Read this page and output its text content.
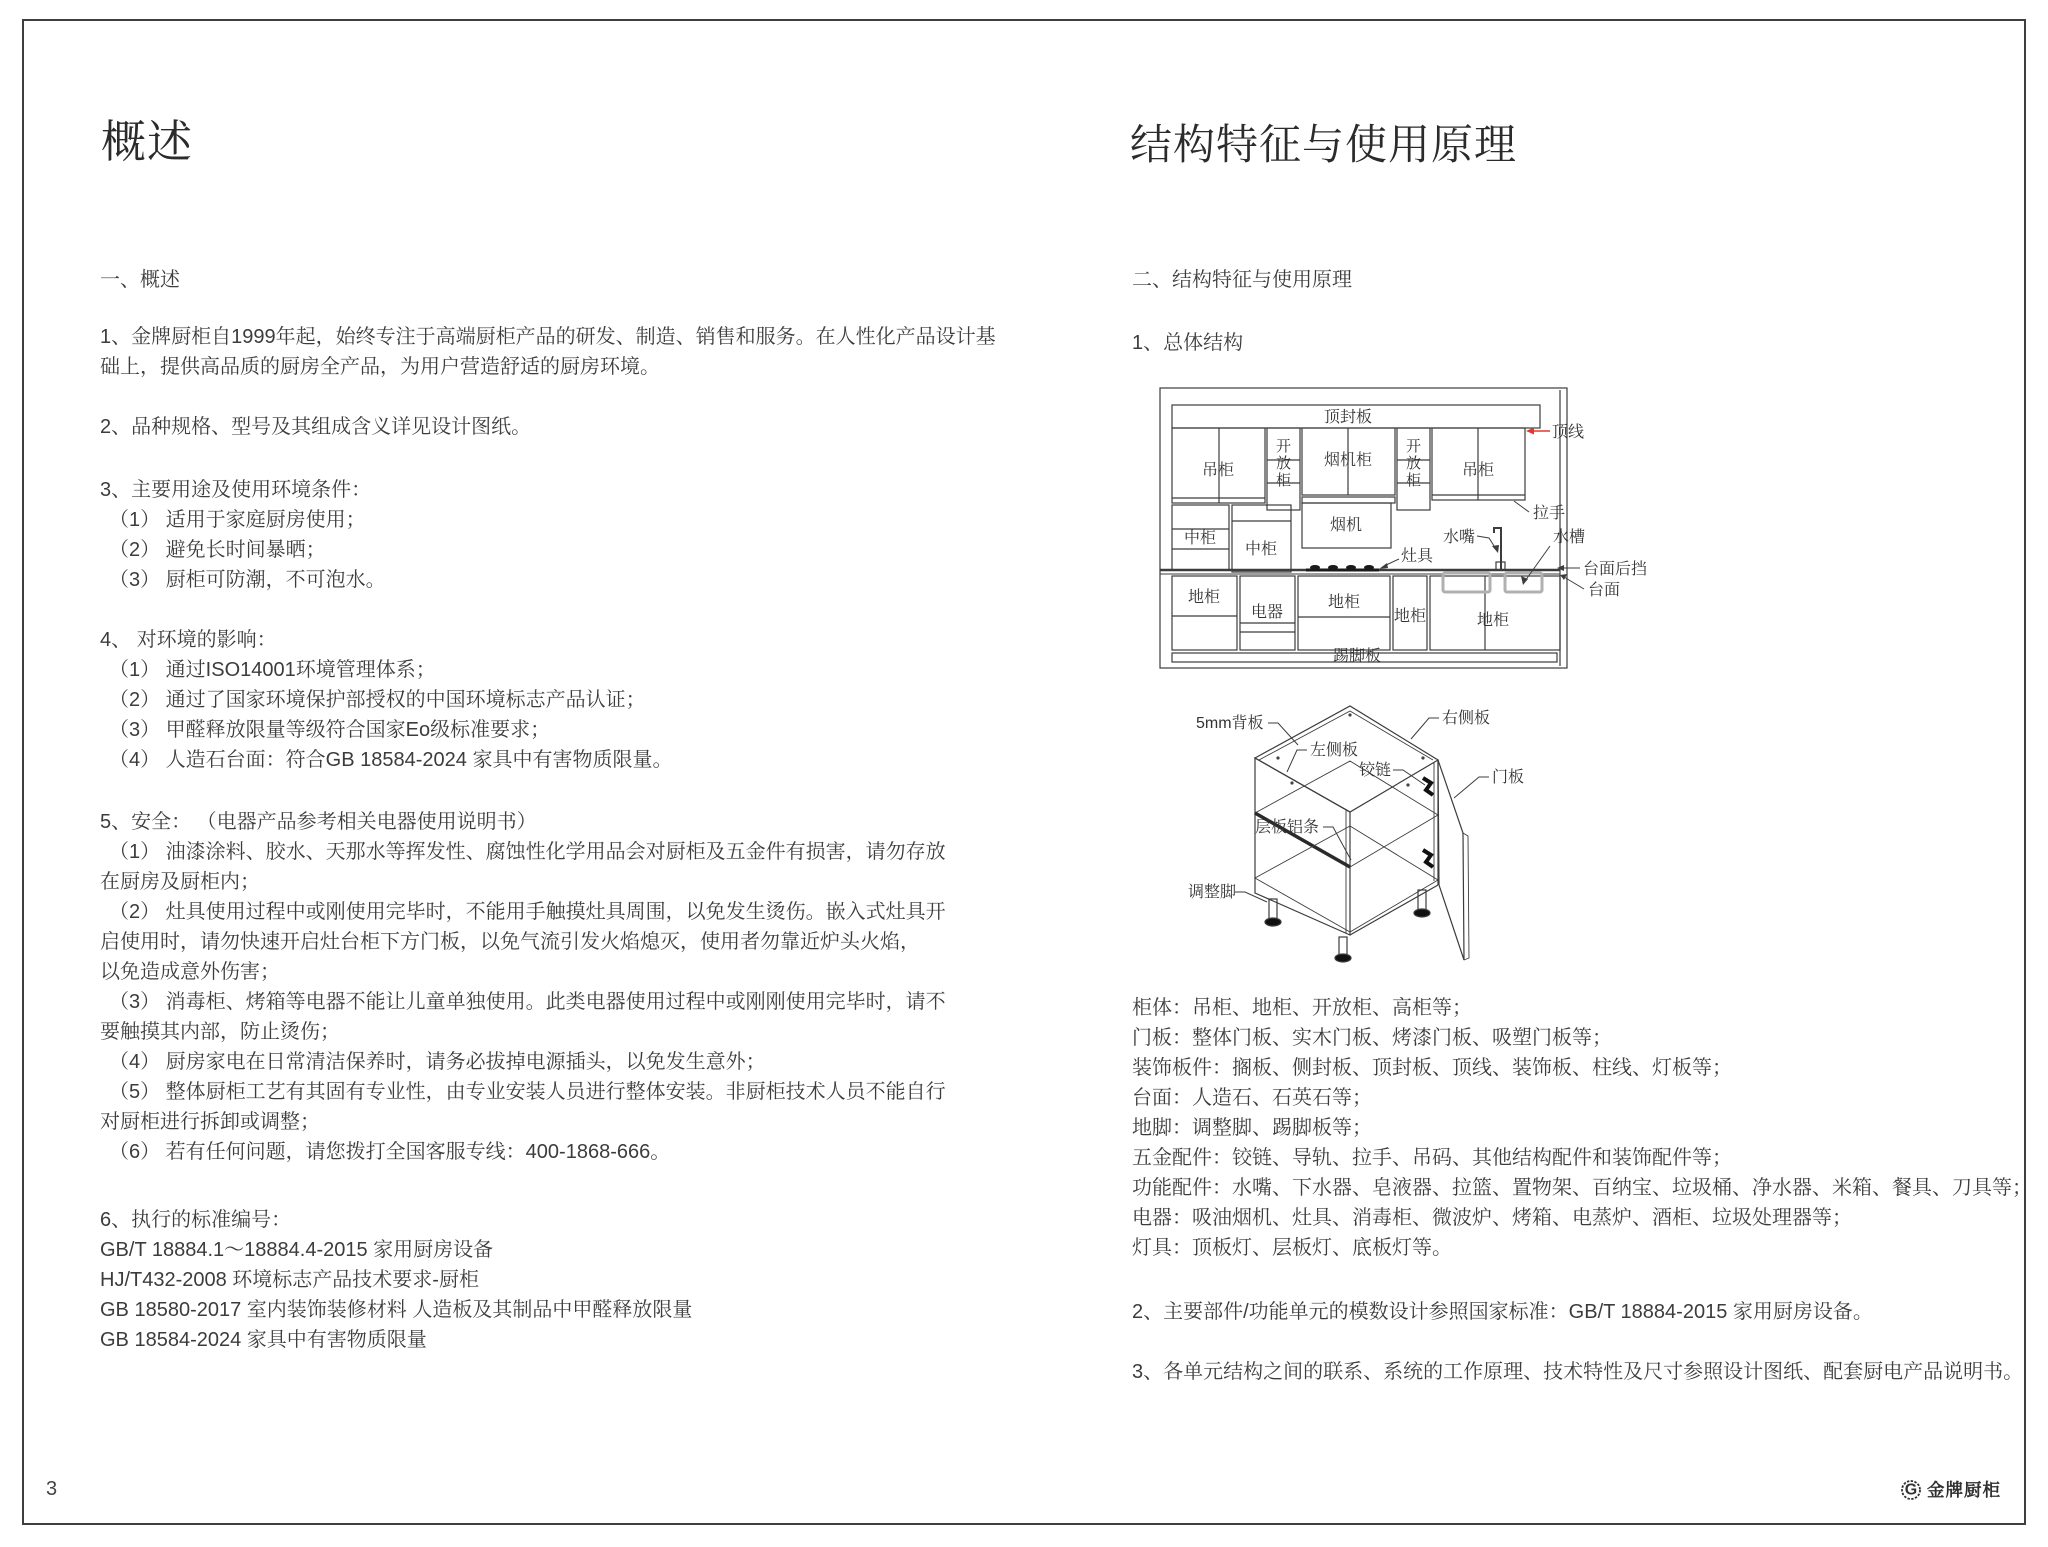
概述
一、概述
1、金牌厨柜自1999年起，始终专注于高端厨柜产品的研发、制造、销售和服务。在人性化产品设计基
础上，提供高品质的厨房全产品，为用户营造舒适的厨房环境。
2、品种规格、型号及其组成含义详见设计图纸。
3、主要用途及使用环境条件：
（1） 适用于家庭厨房使用；
（2） 避免长时间暴晒；
（3） 厨柜可防潮，不可泡水。
4、 对环境的影响：
（1） 通过ISO14001环境管理体系；
（2） 通过了国家环境保护部授权的中国环境标志产品认证；
（3） 甲醛释放限量等级符合国家Eo级标准要求；
（4） 人造石台面：符合GB 18584-2024 家具中有害物质限量。
5、安全： （电器产品参考相关电器使用说明书）
（1） 油漆涂料、胶水、天那水等挥发性、腐蚀性化学用品会对厨柜及五金件有损害，请勿存放
在厨房及厨柜内；
（2） 灶具使用过程中或刚使用完毕时，不能用手触摸灶具周围，以免发生烫伤。嵌入式灶具开
启使用时，请勿快速开启灶台柜下方门板，以免气流引发火焰熄灭，使用者勿靠近炉头火焰，
以免造成意外伤害；
（3） 消毒柜、烤箱等电器不能让儿童单独使用。此类电器使用过程中或刚刚使用完毕时，请不
要触摸其内部，防止烫伤；
（4） 厨房家电在日常清洁保养时，请务必拔掉电源插头，以免发生意外；
（5） 整体厨柜工艺有其固有专业性，由专业安装人员进行整体安装。非厨柜技术人员不能自行
对厨柜进行拆卸或调整；
（6） 若有任何问题，请您拨打全国客服专线：400-1868-666。
6、执行的标准编号：
GB/T 18884.1～18884.4-2015 家用厨房设备
HJ/T432-2008 环境标志产品技术要求-厨柜
GB 18580-2017 室内装饰装修材料 人造板及其制品中甲醛释放限量
GB 18584-2024 家具中有害物质限量
结构特征与使用原理
二、结构特征与使用原理
1、总体结构
顶封板
吊柜
烟机柜
吊柜
顶线
拉手
中柜
中柜
烟机
灶具
水嘴	水槽
台面后挡
台面
地柜
电器
地柜
地柜	地柜
踢脚板
开放柜	开放柜
5mm背板	右侧板
左侧板
铰链	门板
层板铝条
调整脚
柜体：吊柜、地柜、开放柜、高柜等；
门板：整体门板、实木门板、烤漆门板、吸塑门板等；
装饰板件：搁板、侧封板、顶封板、顶线、装饰板、柱线、灯板等；
台面：人造石、石英石等；
地脚：调整脚、踢脚板等；
五金配件：铰链、导轨、拉手、吊码、其他结构配件和装饰配件等；
功能配件：水嘴、下水器、皂液器、拉篮、置物架、百纳宝、垃圾桶、净水器、米箱、餐具、刀具等；
电器：吸油烟机、灶具、消毒柜、微波炉、烤箱、电蒸炉、酒柜、垃圾处理器等；
灯具：顶板灯、层板灯、底板灯等。
2、主要部件/功能单元的模数设计参照国家标准：GB/T 18884-2015 家用厨房设备。
3、各单元结构之间的联系、系统的工作原理、技术特性及尺寸参照设计图纸、配套厨电产品说明书。
3	G 金牌厨柜
